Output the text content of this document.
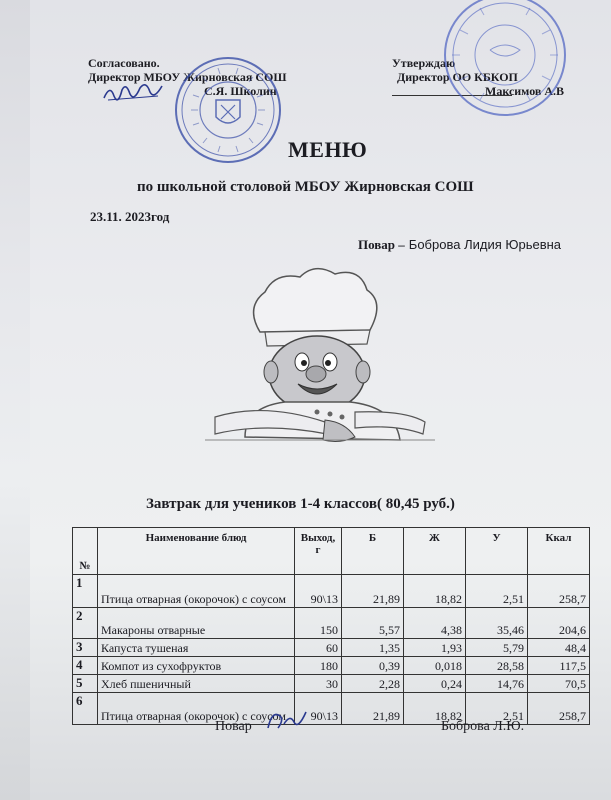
Согласовано.
Директор МБОУ Жирновская СОШ
С.Я. Школин
Утверждаю
Директор ОО КБКОП
Максимов А.В
МЕНЮ
по школьной столовой МБОУ Жирновская СОШ
23.11. 2023год
Повар – Боброва Лидия Юрьевна
Завтрак для учеников 1-4 классов( 80,45 руб.)
№	Наименование блюд	Выход, г	Б	Ж	У	Ккал
1	Птица отварная (окорочок) с соусом	90\13	21,89	18,82	2,51	258,7
2	Макароны отварные	150	5,57	4,38	35,46	204,6
3	Капуста тушеная	60	1,35	1,93	5,79	48,4
4	Компот из сухофруктов	180	0,39	0,018	28,58	117,5
5	Хлеб пшеничный	30	2,28	0,24	14,76	70,5
6	Птица отварная (окорочок) с соусом	90\13	21,89	18,82	2,51	258,7
Повар	Боброва Л.Ю.
